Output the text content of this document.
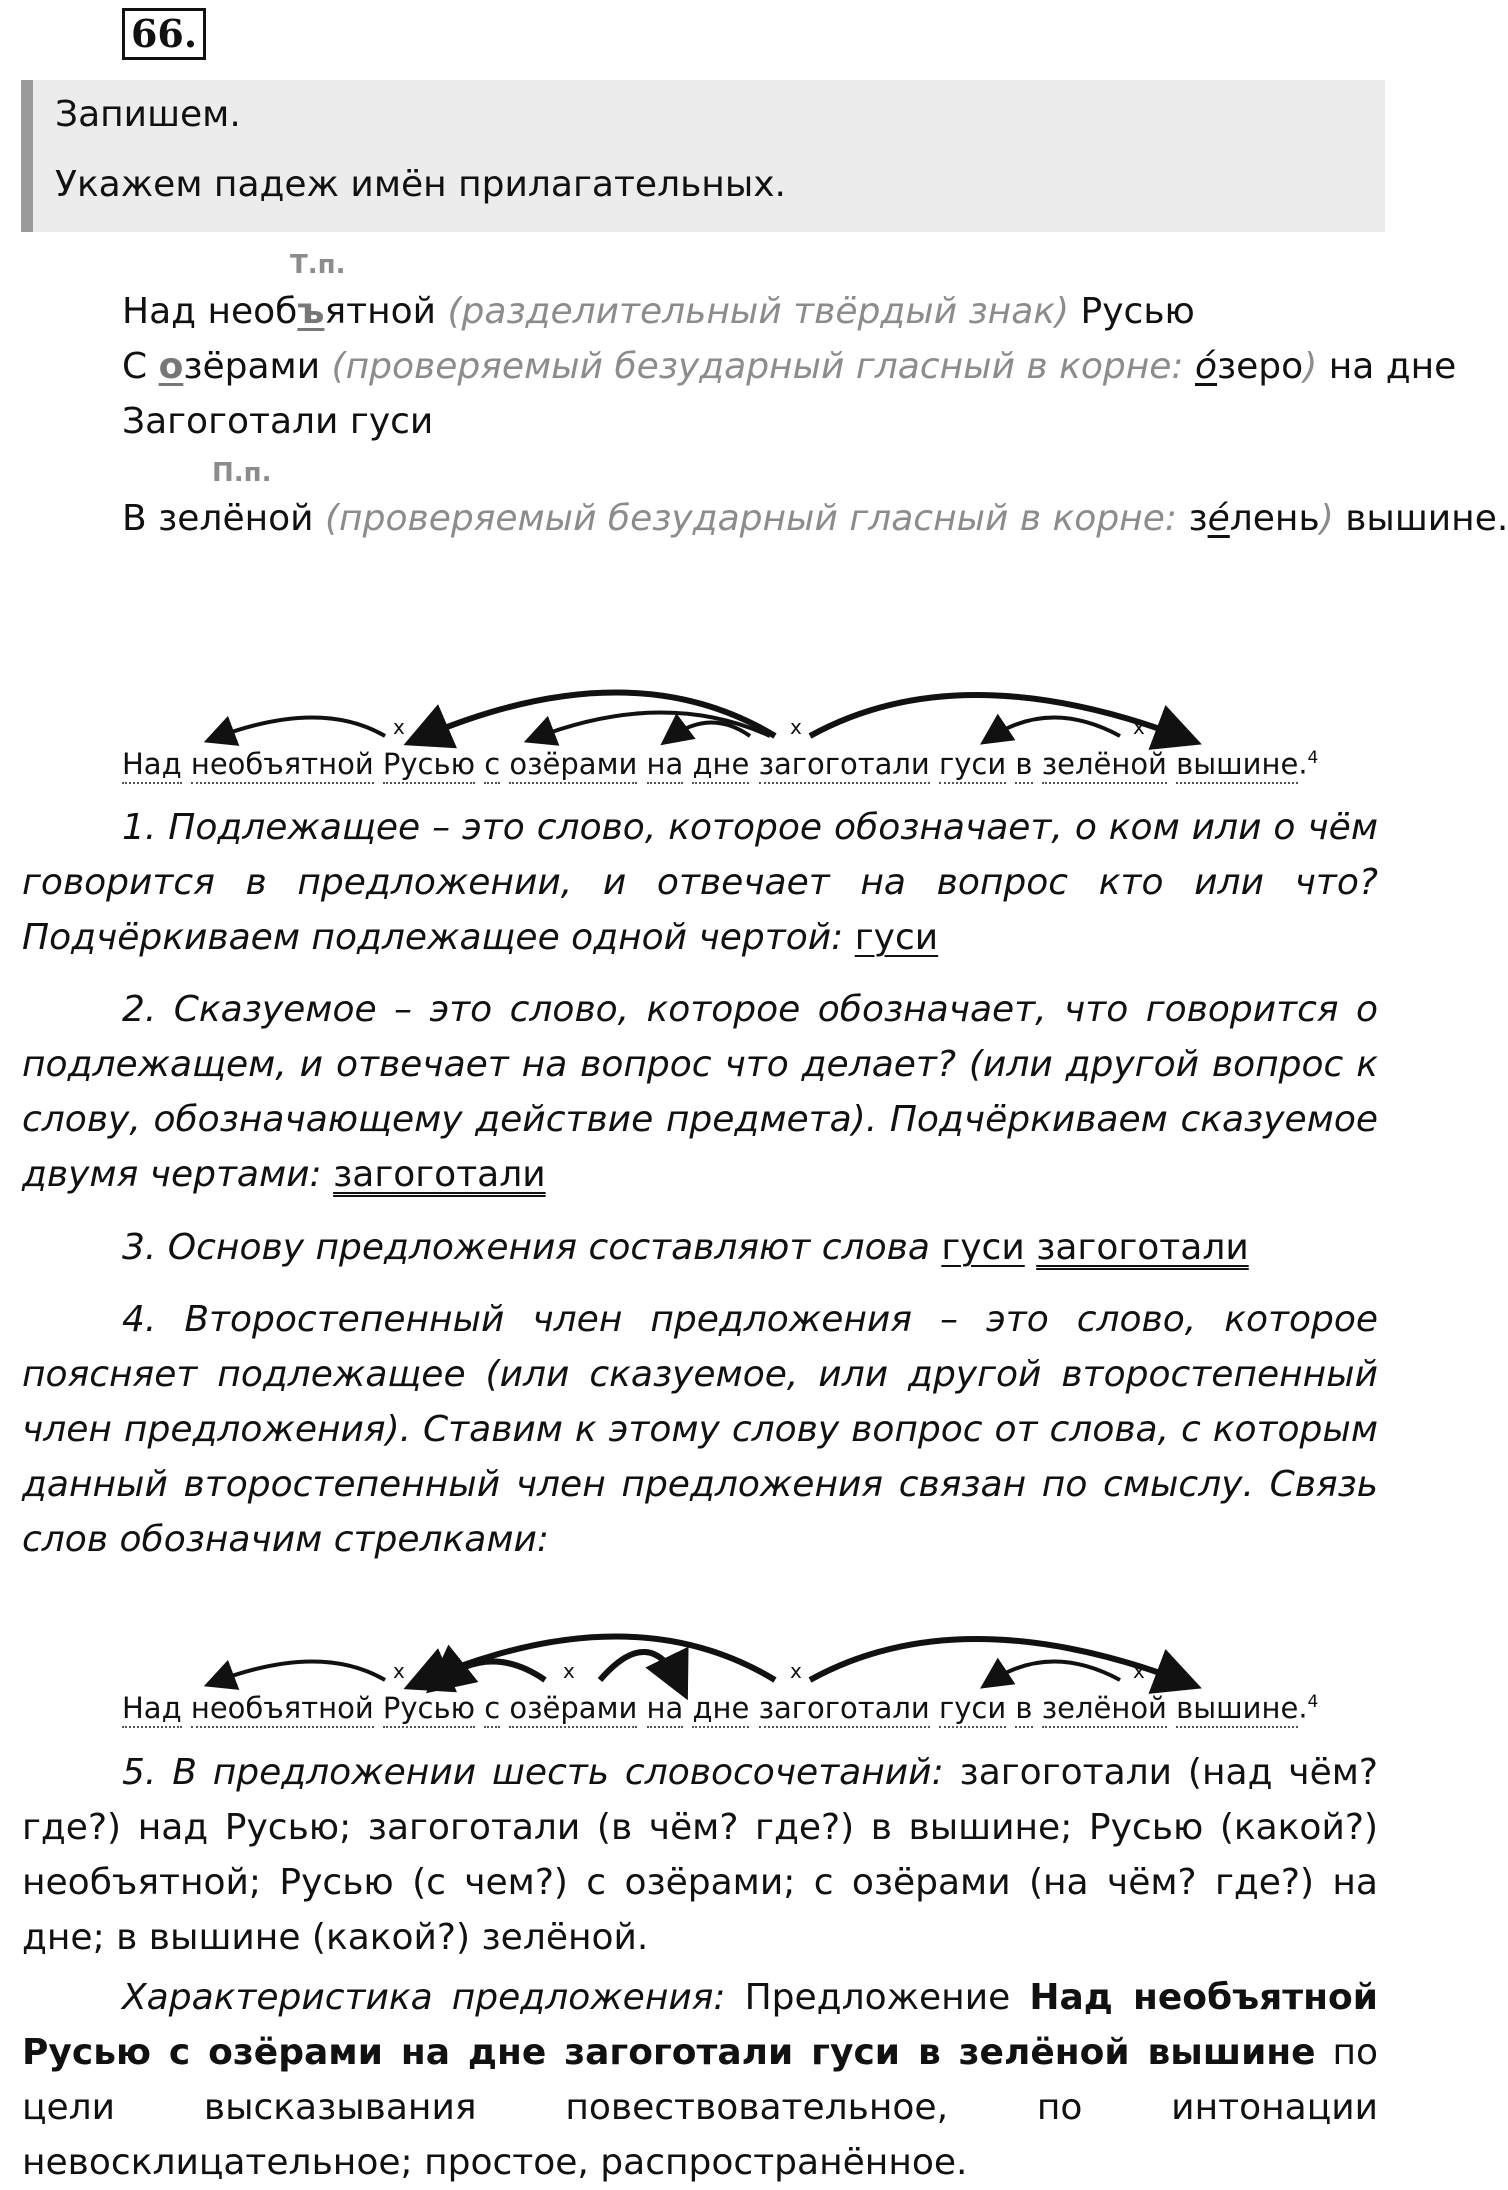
66.
Запишем.
Укажем падеж имён прилагательных.
Т.п.
Над необъятной (разделительный твёрдый знак) Русью
С озёрами (проверяемый безударный гласный в корне: о́зеро) на дне
Загоготали гуси
П.п.
В зелёной (проверяемый безударный гласный в корне: зе́лень) вышине.
х	х	х
Над необъятной Русью с озёрами на дне загоготали гуси в зелёной вышине.$^4$
1. Подлежащее – это слово, которое обозначает, о ком или о чём говорится в предложении, и отвечает на вопрос кто или что? Подчёркиваем подлежащее одной чертой: гуси
2. Сказуемое – это слово, которое обозначает, что говорится о подлежащем, и отвечает на вопрос что делает? (или другой вопрос к слову, обозначающему действие предмета). Подчёркиваем сказуемое двумя чертами: загоготали
3. Основу предложения составляют слова гуси загоготали
4. Второстепенный член предложения – это слово, которое поясняет подлежащее (или сказуемое, или другой второстепенный член предложения). Ставим к этому слову вопрос от слова, с которым данный второстепенный член предложения связан по смыслу. Связь слов обозначим стрелками:
х	х	х	х
Над необъятной Русью с озёрами на дне загоготали гуси в зелёной вышине.$^4$
5. В предложении шесть словосочетаний: загоготали (над чём? где?) над Русью; загоготали (в чём? где?) в вышине; Русью (какой?) необъятной; Русью (с чем?) с озёрами; с озёрами (на чём? где?) на дне; в вышине (какой?) зелёной.
Характеристика предложения: Предложение Над необъятной Русью с озёрами на дне загоготали гуси в зелёной вышине по цели высказывания повествовательное, по интонации невосклицательное; простое, распространённое.
